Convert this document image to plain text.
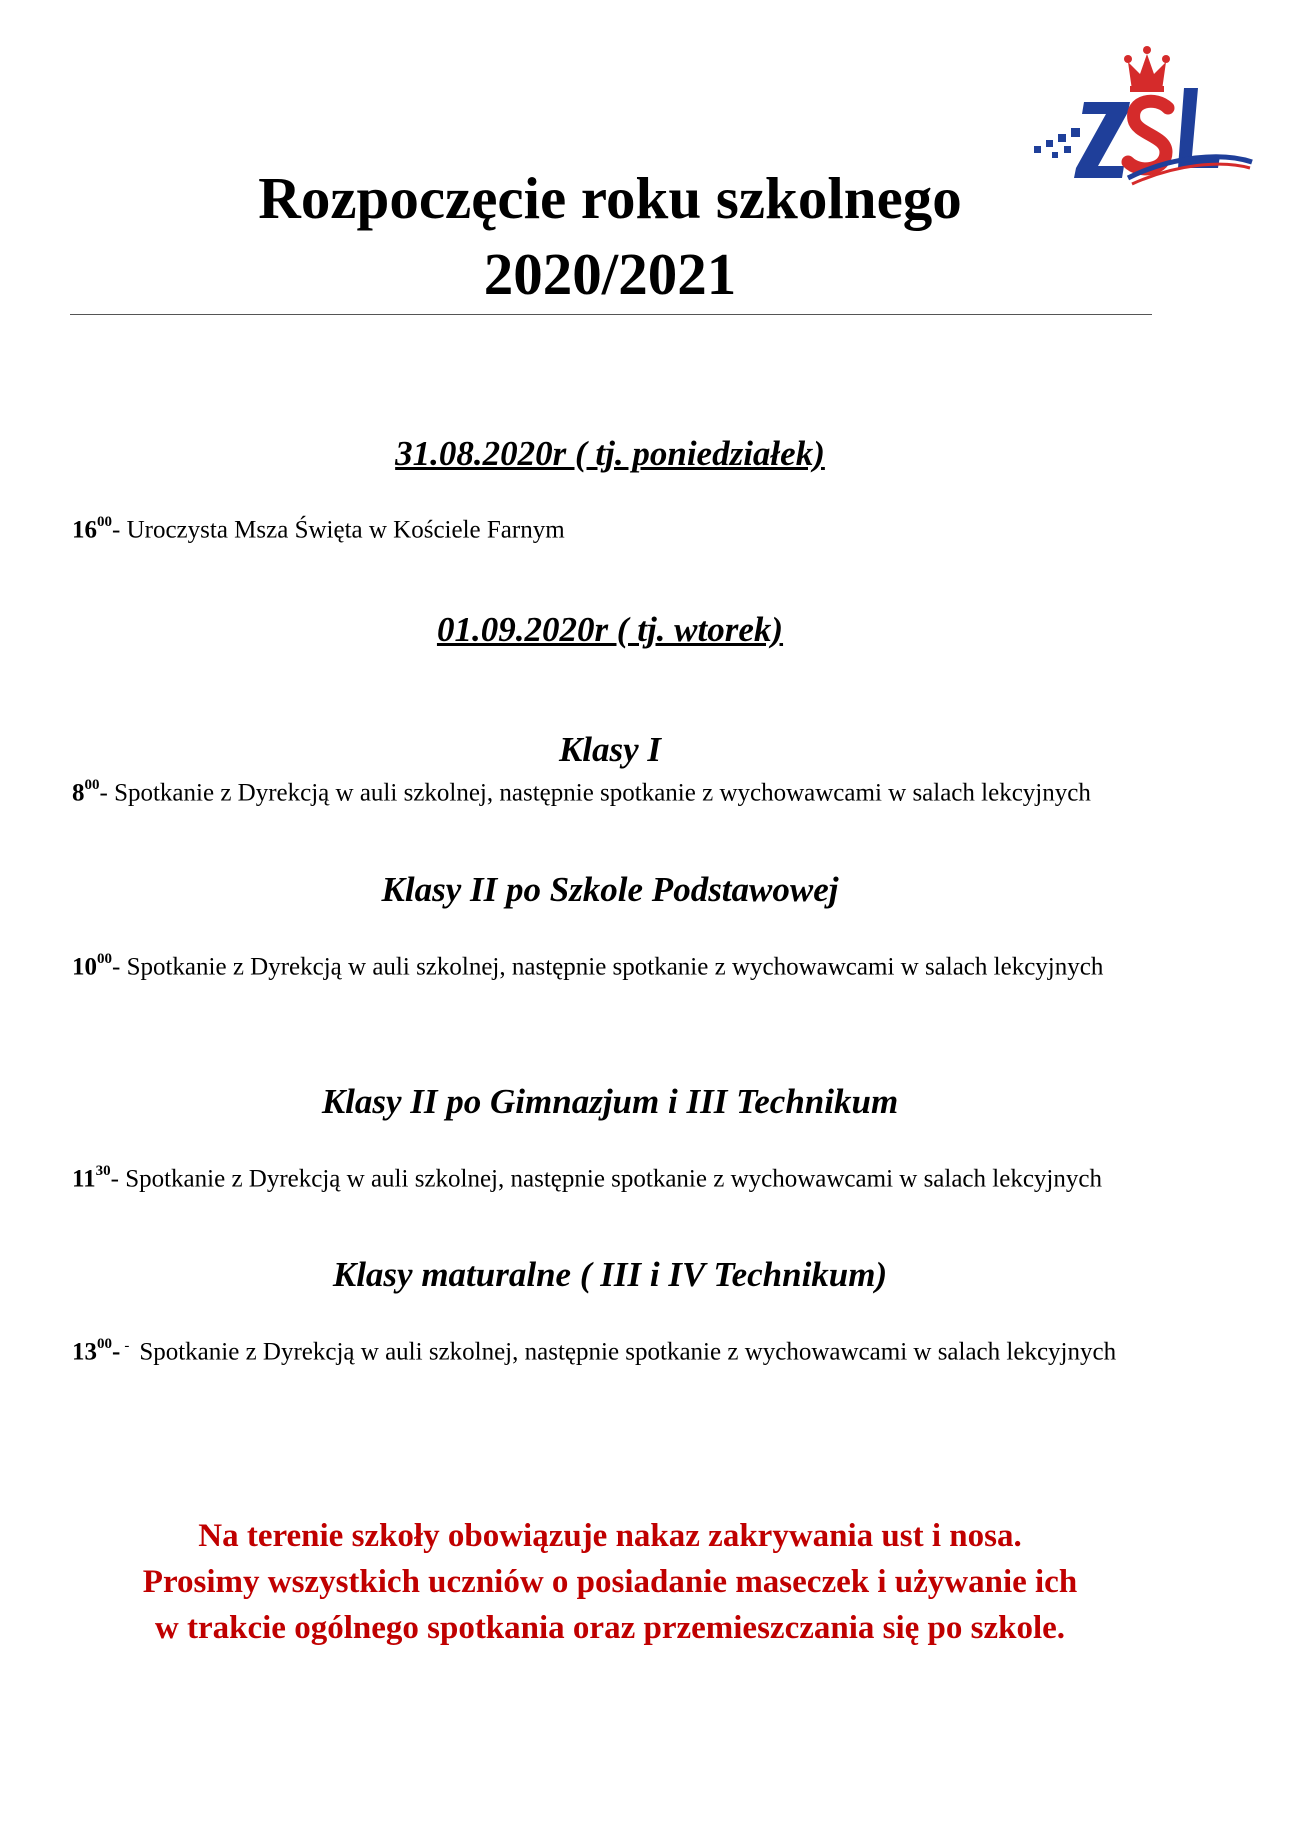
Rozpoczęcie roku szkolnego
2020/2021
31.08.2020r ( tj. poniedziałek)
$16^{00}-$ Uroczysta Msza Święta w Kościele Farnym
01.09.2020r ( tj. wtorek)
Klasy I
$8^{00}-$ Spotkanie z Dyrekcją w auli szkolnej, następnie spotkanie z wychowawcami w salach lekcyjnych
Klasy II po Szkole Podstawowej
$10^{00}-$ Spotkanie z Dyrekcją w auli szkolnej, następnie spotkanie z wychowawcami w salach lekcyjnych
Klasy II po Gimnazjum i III Technikum
$11^{30}-$ Spotkanie z Dyrekcją w auli szkolnej, następnie spotkanie z wychowawcami w salach lekcyjnych
Klasy maturalne ( III i IV Technikum)
$13^{00}-$ - Spotkanie z Dyrekcją w auli szkolnej, następnie spotkanie z wychowawcami w salach lekcyjnych
Na terenie szkoły obowiązuje nakaz zakrywania ust i nosa.
Prosimy wszystkich uczniów o posiadanie maseczek i używanie ich
w trakcie ogólnego spotkania oraz przemieszczania się po szkole.
